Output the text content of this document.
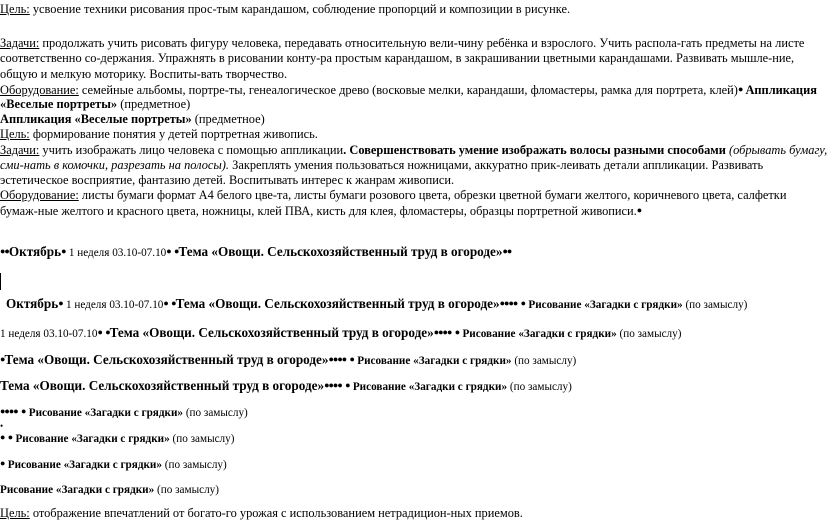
Цель: усвоение техники рисования прос-тым карандашом, соблюдение пропорций и композиции в рисунке.
Задачи: продолжать учить рисовать фигуру человека, передавать относительную вели-чину ребёнка и взрослого. Учить распола-гать предметы на листе
соответственно со-держания. Упражнять в рисовании конту-ра простым карандашом, в закрашивании цветными карандашами. Развивать мышле-ние,
общую и мелкую моторику. Воспиты-вать творчество.
Оборудование: семейные альбомы, портре-ты, генеалогическое древо (восковые мелки, карандаши, фломастеры, рамка для портрета, клей)● Аппликация
«Веселые портреты» (предметное)
Аппликация «Веселые портреты» (предметное)
Цель: формирование понятия у детей портретная живопись.
Задачи: учить изображать лицо человека с помощью аппликации. Совершенствовать умение изображать волосы разными способами (обрывать бумагу,
сми-нать в комочки, разрезать на полосы). Закреплять умения пользоваться ножницами, аккуратно прик-леивать детали аппликации. Развивать
эстетическое восприятие, фантазию детей. Воспитывать интерес к жанрам живописи.
Оборудование: листы бумаги формат А4 белого цве-та, листы бумаги розового цвета, обрезки цветной бумаги желтого, коричневого цвета, салфетки
бумаж-ные желтого и красного цвета, ножницы, клей ПВА, кисть для клея, фломастеры, образцы портретной живописи.●
●●Октябрь● 1 неделя 03.10-07.10● ●Тема «Овощи. Сельскохозяйственный труд в огороде»●●
Октябрь● 1 неделя 03.10-07.10● ●Тема «Овощи. Сельскохозяйственный труд в огороде»●●●● ● Рисование «Загадки с грядки» (по замыслу)
1 неделя 03.10-07.10● ●Тема «Овощи. Сельскохозяйственный труд в огороде»●●●● ● Рисование «Загадки с грядки» (по замыслу)
●Тема «Овощи. Сельскохозяйственный труд в огороде»●●●● ● Рисование «Загадки с грядки» (по замыслу)
Тема «Овощи. Сельскохозяйственный труд в огороде»●●●● ● Рисование «Загадки с грядки» (по замыслу)
●●●● ● Рисование «Загадки с грядки» (по замыслу)
•
● ● Рисование «Загадки с грядки» (по замыслу)
● Рисование «Загадки с грядки» (по замыслу)
Рисование «Загадки с грядки» (по замыслу)
Цель: отображение впечатлений от богато-го урожая с использованием нетрадицион-ных приемов.
